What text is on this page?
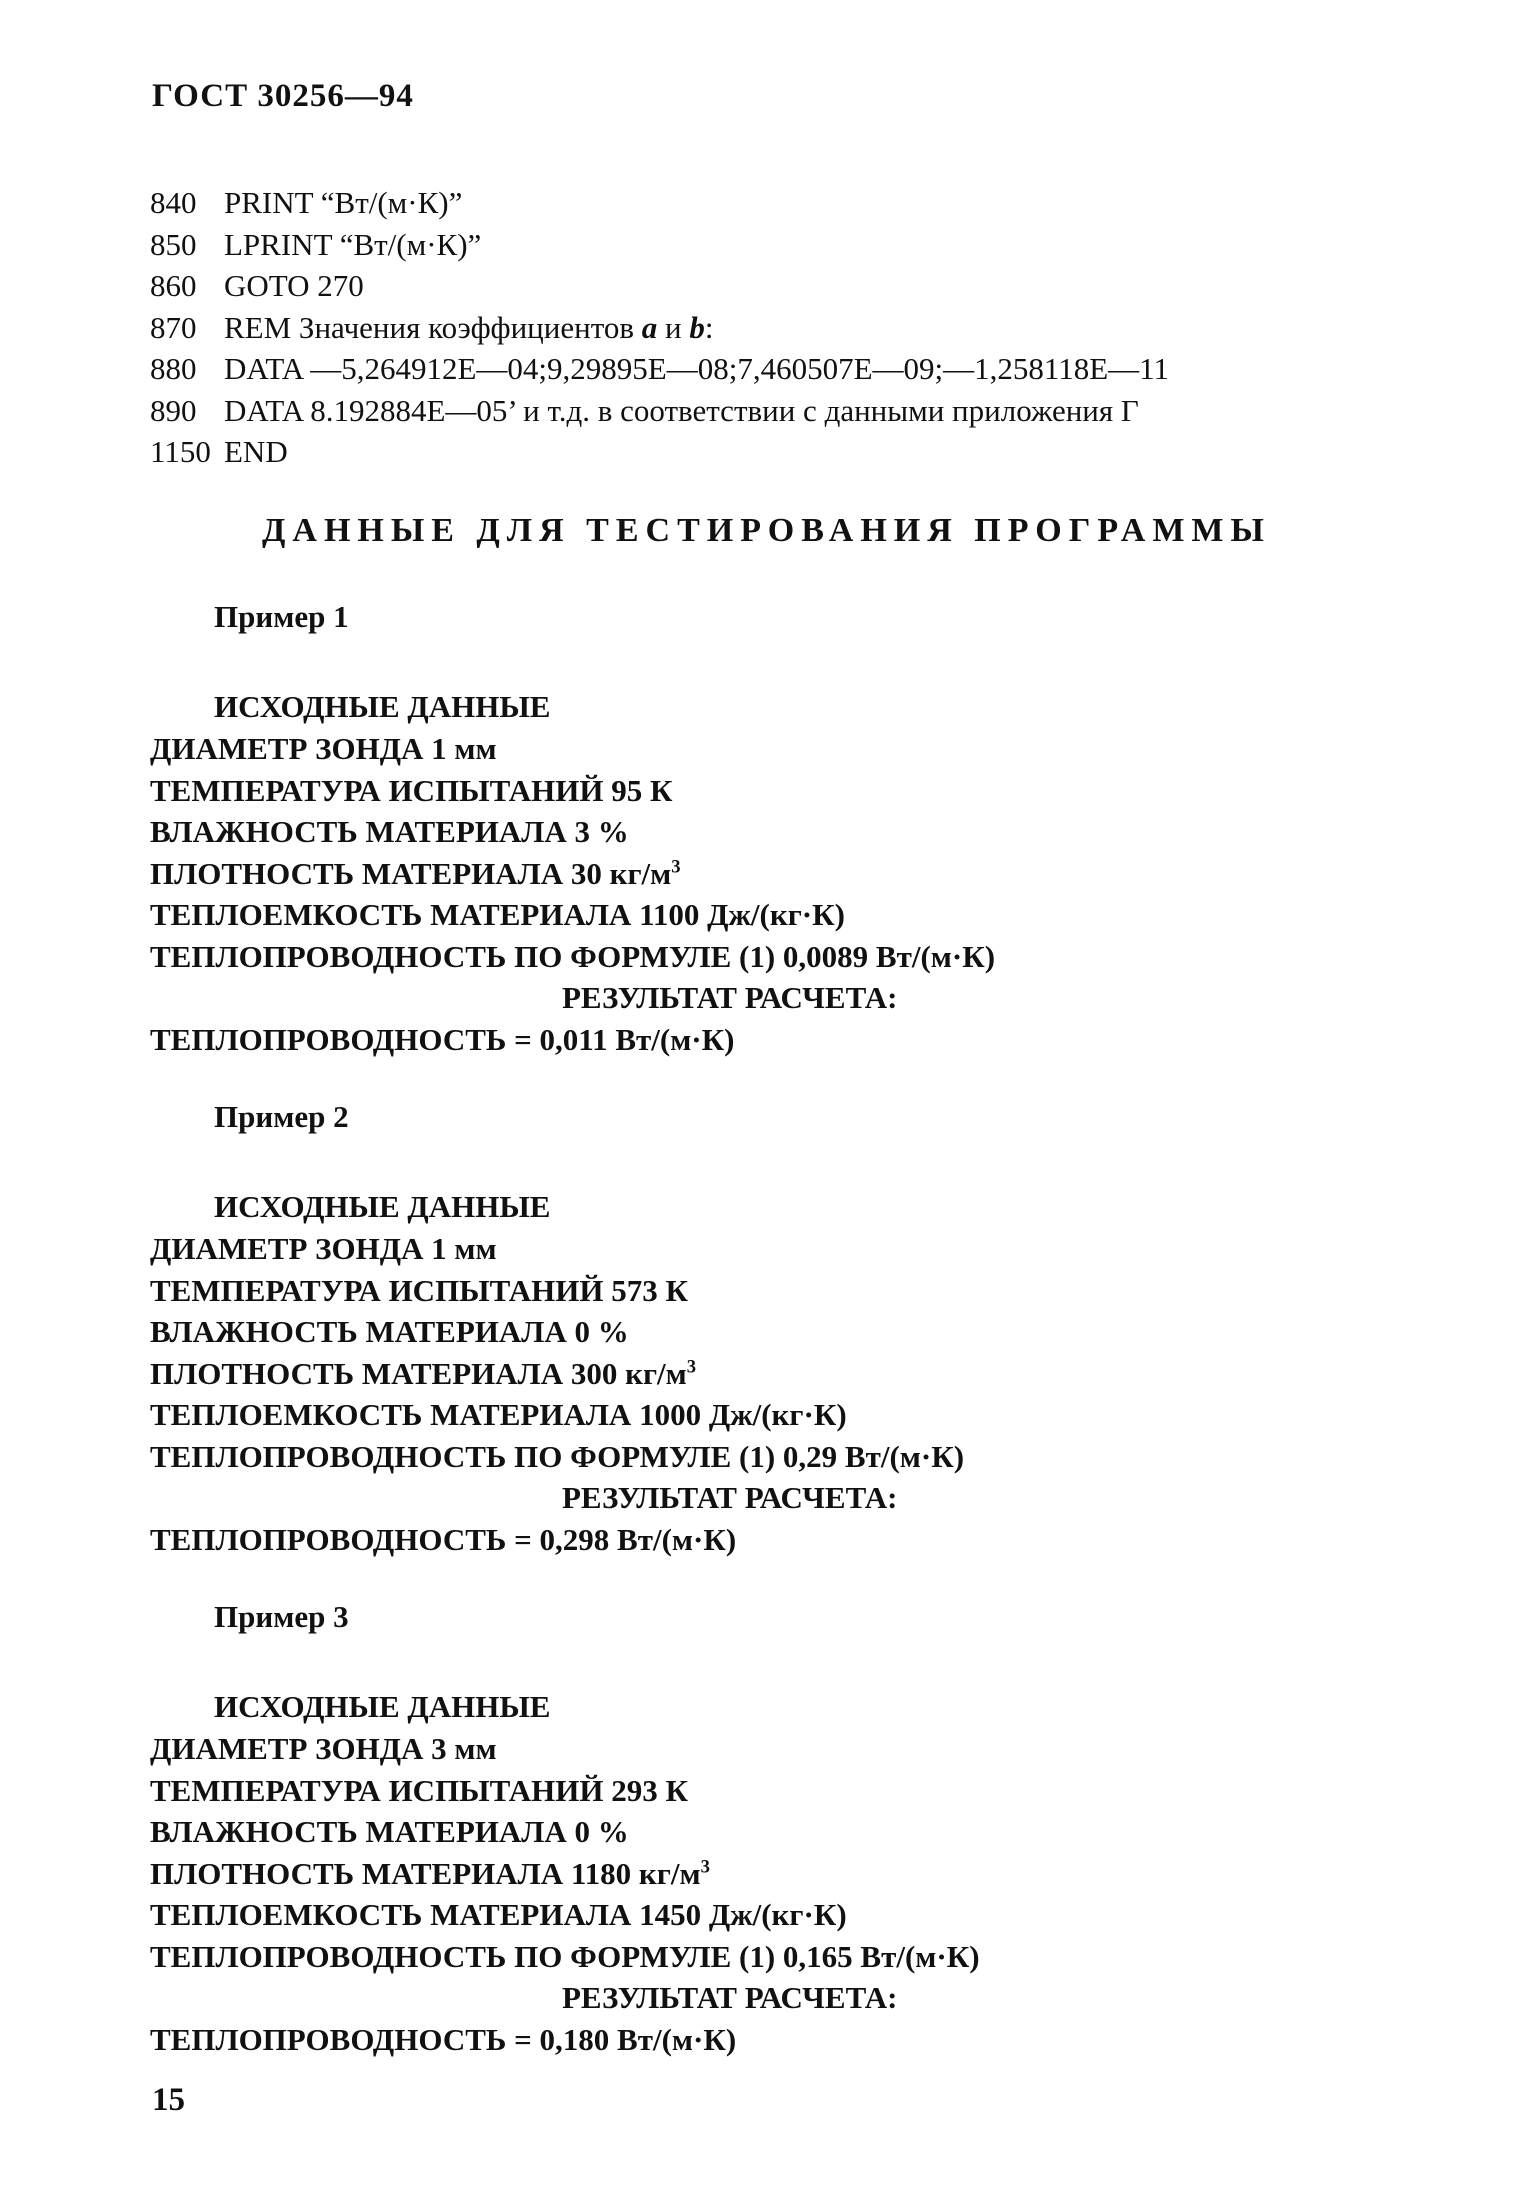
ГОСТ 30256—94
840 PRINT “Вт/(м·К)”
850 LPRINT “Вт/(м·К)”
860 GOTO 270
870 REM Значения коэффициентов a и b:
880 DATA —5,264912E—04;9,29895E—08;7,460507E—09;—1,258118E—11
890 DATA 8.192884E—05’ и т.д. в соответствии с данными приложения Г
1150 END
ДАННЫЕ ДЛЯ ТЕСТИРОВАНИЯ ПРОГРАММЫ
Пример 1
ИСХОДНЫЕ ДАННЫЕ
ДИАМЕТР ЗОНДА 1 мм
ТЕМПЕРАТУРА ИСПЫТАНИЙ 95 К
ВЛАЖНОСТЬ МАТЕРИАЛА 3 %
ПЛОТНОСТЬ МАТЕРИАЛА 30 $кг/м^3$
ТЕПЛОЕМКОСТЬ МАТЕРИАЛА 1100 Дж/(кг·К)
ТЕПЛОПРОВОДНОСТЬ ПО ФОРМУЛЕ (1) 0,0089 Вт/(м·К)
РЕЗУЛЬТАТ РАСЧЕТА:
ТЕПЛОПРОВОДНОСТЬ = 0,011 Вт/(м·К)
Пример 2
ИСХОДНЫЕ ДАННЫЕ
ДИАМЕТР ЗОНДА 1 мм
ТЕМПЕРАТУРА ИСПЫТАНИЙ 573 К
ВЛАЖНОСТЬ МАТЕРИАЛА 0 %
ПЛОТНОСТЬ МАТЕРИАЛА 300 $кг/м^3$
ТЕПЛОЕМКОСТЬ МАТЕРИАЛА 1000 Дж/(кг·К)
ТЕПЛОПРОВОДНОСТЬ ПО ФОРМУЛЕ (1) 0,29 Вт/(м·К)
РЕЗУЛЬТАТ РАСЧЕТА:
ТЕПЛОПРОВОДНОСТЬ = 0,298 Вт/(м·К)
Пример 3
ИСХОДНЫЕ ДАННЫЕ
ДИАМЕТР ЗОНДА 3 мм
ТЕМПЕРАТУРА ИСПЫТАНИЙ 293 К
ВЛАЖНОСТЬ МАТЕРИАЛА 0 %
ПЛОТНОСТЬ МАТЕРИАЛА 1180 $кг/м^3$
ТЕПЛОЕМКОСТЬ МАТЕРИАЛА 1450 Дж/(кг·К)
ТЕПЛОПРОВОДНОСТЬ ПО ФОРМУЛЕ (1) 0,165 Вт/(м·К)
РЕЗУЛЬТАТ РАСЧЕТА:
ТЕПЛОПРОВОДНОСТЬ = 0,180 Вт/(м·К)
15
